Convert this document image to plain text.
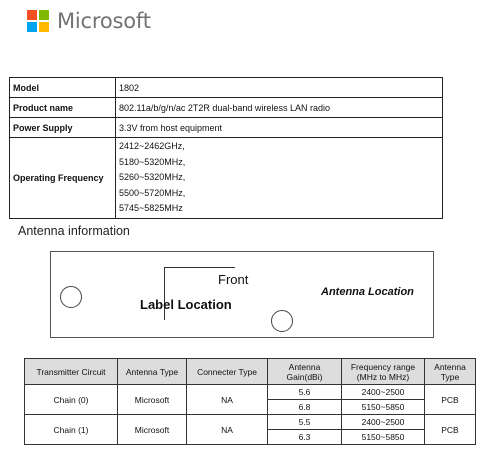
Microsoft
Model	1802
Product name	802.11a/b/g/n/ac 2T2R dual-band wireless LAN radio
Power Supply	3.3V from host equipment
Operating Frequency	2412~2462GHz,
5180~5320MHz,
5260~5320MHz,
5500~5720MHz,
5745~5825MHz
Antenna information
Front
Label Location
Antenna Location
Transmitter Circuit	Antenna Type	Connecter Type	Antenna Gain(dBi)	Frequency range (MHz to MHz)	Antenna Type
Chain (0)	Microsoft	NA	5.6	2400~2500	PCB
			6.8	5150~5850	
Chain (1)	Microsoft	NA	5.5	2400~2500	PCB
			6.3	5150~5850	
